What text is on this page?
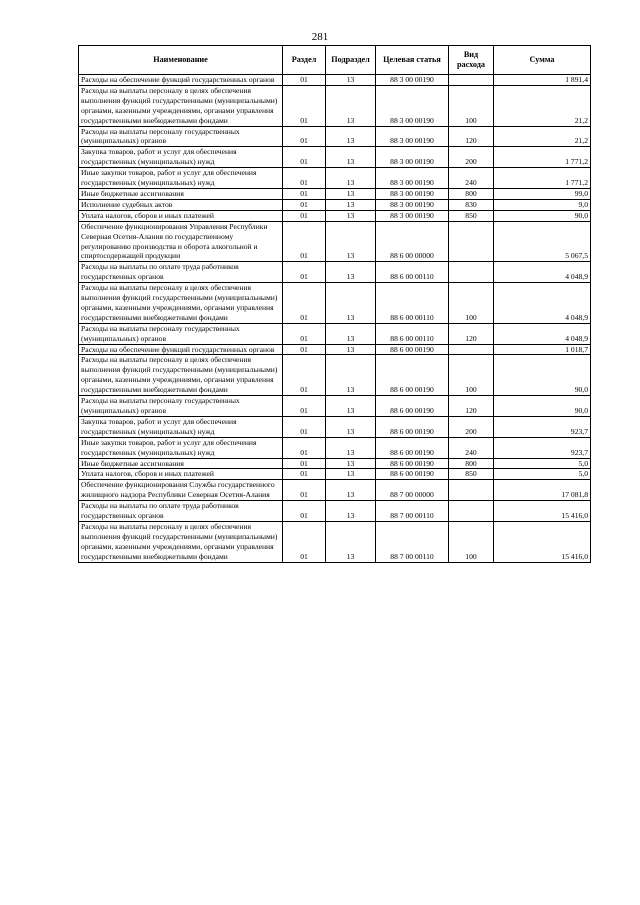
281
Наименование	Раздел	Подраздел	Целевая статья	Вид расхода	Сумма
Расходы на обеспечение функций государственных органов	01	13	88 3 00 00190		1 891,4
Расходы на выплаты персоналу в целях обеспечения выполнения функций государственными (муниципальными) органами, казенными учреждениями, органами управления государственными внебюджетными фондами	01	13	88 3 00 00190	100	21,2
Расходы на выплаты персоналу государственных (муниципальных) органов	01	13	88 3 00 00190	120	21,2
Закупка товаров, работ и услуг для обеспечения государственных (муниципальных) нужд	01	13	88 3 00 00190	200	1 771,2
Иные закупки товаров, работ и услуг для обеспечения государственных (муниципальных) нужд	01	13	88 3 00 00190	240	1 771,2
Иные бюджетные ассигнования	01	13	88 3 00 00190	800	99,0
Исполнение судебных актов	01	13	88 3 00 00190	830	9,0
Уплата налогов, сборов и иных платежей	01	13	88 3 00 00190	850	90,0
Обеспечение функционирования Управления Республики Северная Осетия-Алания по государственному регулированию производства и оборота алкогольной и спиртосодержащей продукции	01	13	88 6 00 00000		5 067,5
Расходы на выплаты по оплате труда работников государственных органов	01	13	88 6 00 00110		4 048,9
Расходы на выплаты персоналу в целях обеспечения выполнения функций государственными (муниципальными) органами, казенными учреждениями, органами управления государственными внебюджетными фондами	01	13	88 6 00 00110	100	4 048,9
Расходы на выплаты персоналу государственных (муниципальных) органов	01	13	88 6 00 00110	120	4 048,9
Расходы на обеспечение функций государственных органов	01	13	88 6 00 00190		1 018,7
Расходы на выплаты персоналу в целях обеспечения выполнения функций государственными (муниципальными) органами, казенными учреждениями, органами управления государственными внебюджетными фондами	01	13	88 6 00 00190	100	90,0
Расходы на выплаты персоналу государственных (муниципальных) органов	01	13	88 6 00 00190	120	90,0
Закупка товаров, работ и услуг для обеспечения государственных (муниципальных) нужд	01	13	88 6 00 00190	200	923,7
Иные закупки товаров, работ и услуг для обеспечения государственных (муниципальных) нужд	01	13	88 6 00 00190	240	923,7
Иные бюджетные ассигнования	01	13	88 6 00 00190	800	5,0
Уплата налогов, сборов и иных платежей	01	13	88 6 00 00190	850	5,0
Обеспечение функционирования Службы государственного жилищного надзора Республики Северная Осетия-Алания	01	13	88 7 00 00000		17 081,8
Расходы на выплаты по оплате труда работников государственных органов	01	13	88 7 00 00110		15 416,0
Расходы на выплаты персоналу в целях обеспечения выполнения функций государственными (муниципальными) органами, казенными учреждениями, органами управления государственными внебюджетными фондами	01	13	88 7 00 00110	100	15 416,0
